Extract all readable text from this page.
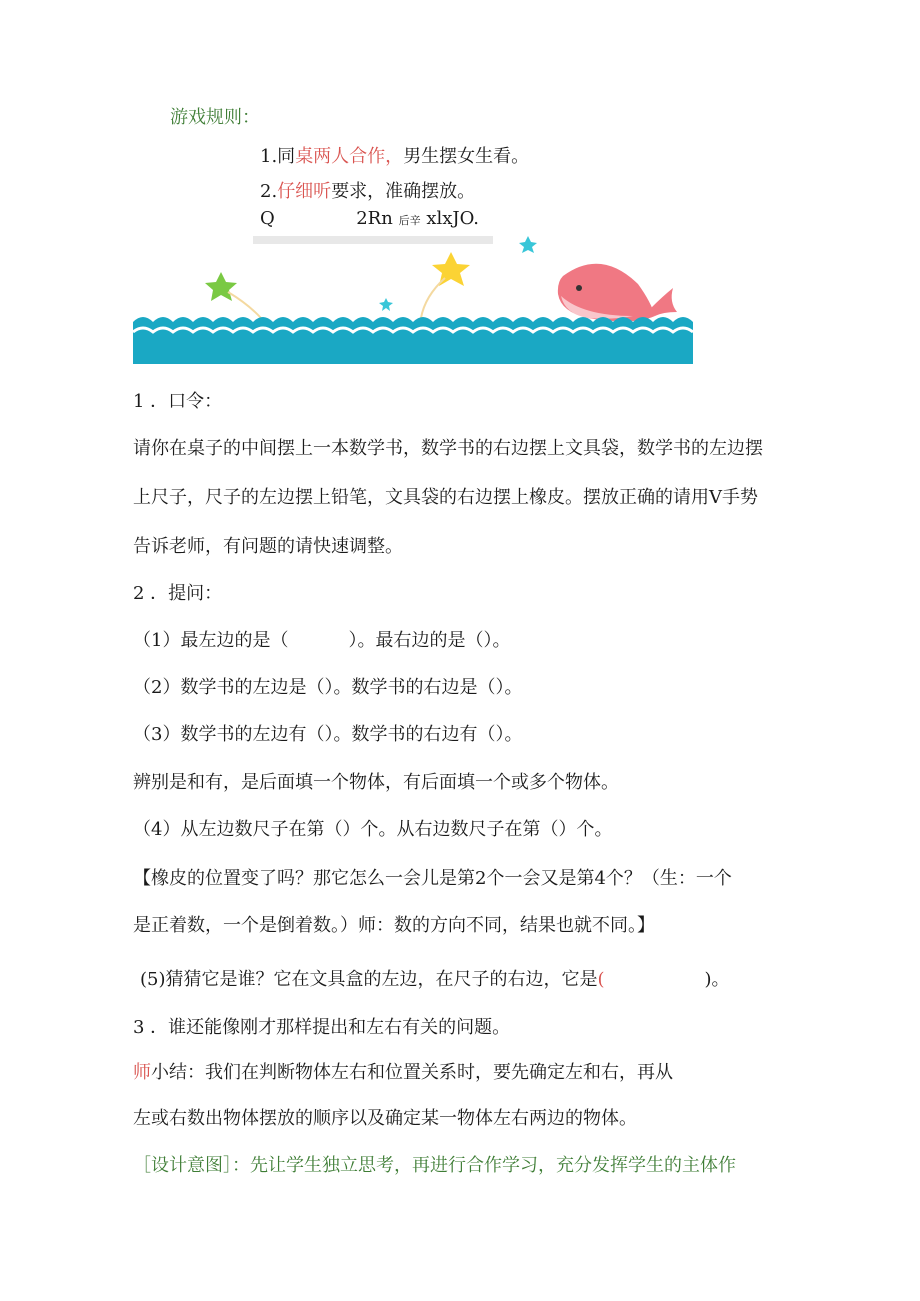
游戏规则：
1.同桌两人合作，男生摆女生看。
2.仔细听要求，准确摆放。
Q	2Rn 后辛 xlxJO.
1 ．口令：
请你在桌子的中间摆上一本数学书，数学书的右边摆上文具袋，数学书的左边摆
上尺子，尺子的左边摆上铅笔，文具袋的右边摆上橡皮。摆放正确的请用V手势
告诉老师，有问题的请快速调整。
2 ．提问：
（1）最左边的是（	）。最右边的是（）。
（2）数学书的左边是（）。数学书的右边是（）。
（3）数学书的左边有（）。数学书的右边有（）。
辨别是和有，是后面填一个物体，有后面填一个或多个物体。
（4）从左边数尺子在第（）个。从右边数尺子在第（）个。
【橡皮的位置变了吗？那它怎么一会儿是第2个一会又是第4个？（生：一个
是正着数，一个是倒着数。）师：数的方向不同，结果也就不同。】
(5)猜猜它是谁？它在文具盒的左边，在尺子的右边，它是(	)。
3 ．谁还能像刚才那样提出和左右有关的问题。
师小结：我们在判断物体左右和位置关系时，要先确定左和右，再从
左或右数出物体摆放的顺序以及确定某一物体左右两边的物体。
［设计意图］：先让学生独立思考，再进行合作学习，充分发挥学生的主体作
